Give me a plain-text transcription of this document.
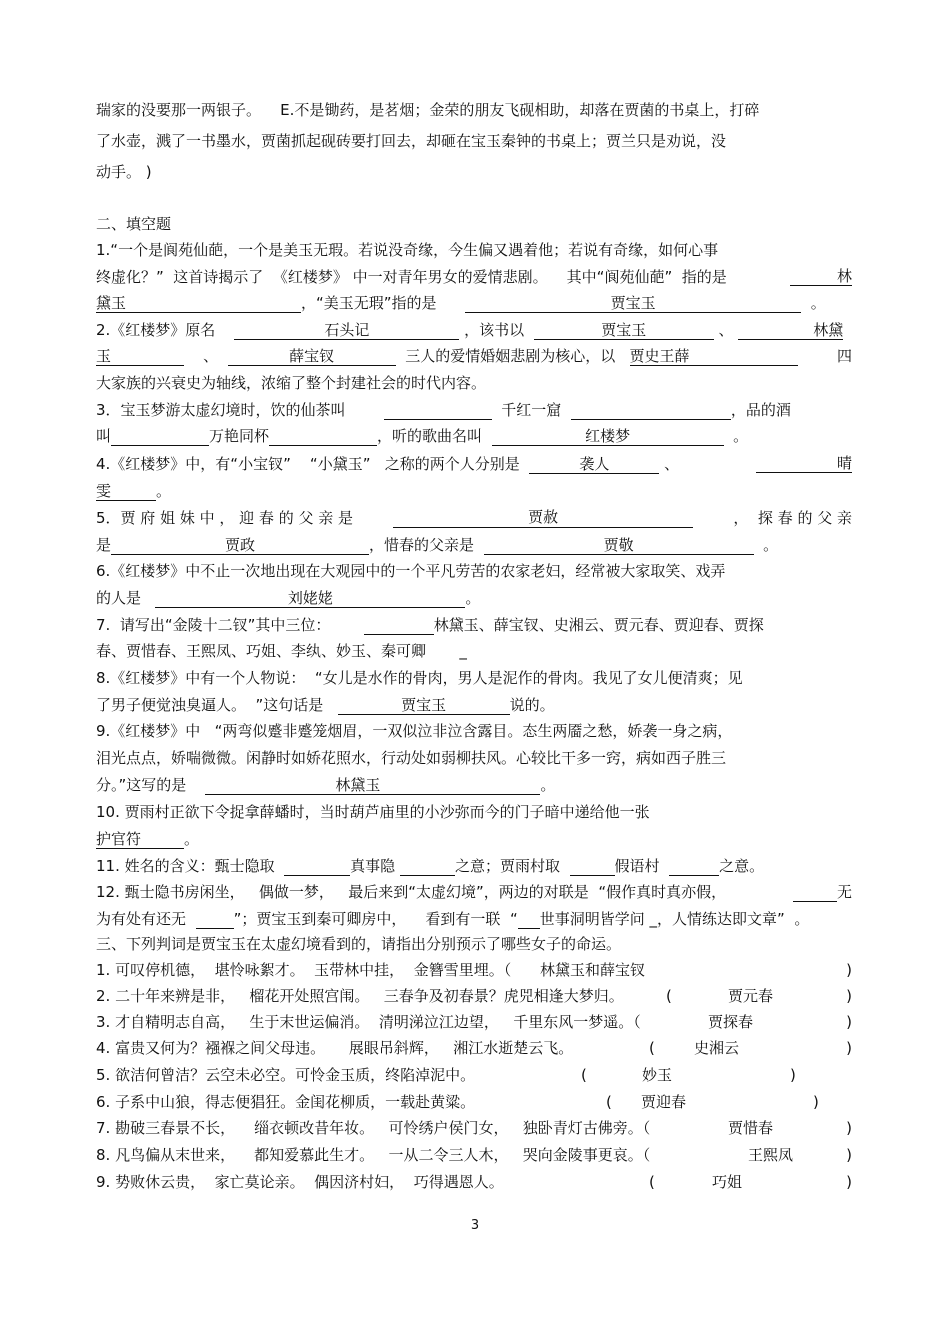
瑞家的没要那一两银子。 E.不是锄药，是茗烟；金荣的朋友飞砚相助，却落在贾菌的书桌上，打碎
了水壶，溅了一书墨水，贾菌抓起砚砖要打回去，却砸在宝玉秦钟的书桌上；贾兰只是劝说，没
动手。 )
二、填空题
1.“一个是阆苑仙葩，一个是美玉无瑕。若说没奇缘，今生偏又遇着他；若说有奇缘，如何心事
终虚化？”  这首诗揭示了  《红楼梦》 中一对青年男女的爱情悲剧。    其中“阆苑仙葩”  指的是	林
黛玉	，“美玉无瑕”指的是	贾宝玉	。
2.《红楼梦》原名	石头记	，该书以	贾宝玉	、	林黛
玉	、	薛宝钗	三人的爱情婚姻悲剧为核心，以 贾史王薛	四
大家族的兴衰史为轴线，浓缩了整个封建社会的时代内容。
3．宝玉梦游太虚幻境时，饮的仙茶叫	千红一窟	，品的酒
叫	万艳同杯	，听的歌曲名叫	红楼梦	。
4.《红楼梦》中，有“小宝钗”    “小黛玉”   之称的两个人分别是	袭人	、	晴
雯	。
5．贾 府 姐 妹 中 ， 迎 春 的 父 亲 是	贾赦	，  探 春 的 父 亲
是	贾政	，惜春的父亲是	贾敬	。
6.《红楼梦》中不止一次地出现在大观园中的一个平凡劳苦的农家老妇，经常被大家取笑、戏弄
的人是	刘姥姥	。
7.  请写出“金陵十二钗”其中三位：	林黛玉、薛宝钗、史湘云、贾元春、贾迎春、贾探
春、贾惜春、王熙凤、巧姐、李纨、妙玉、秦可卿 _
8.《红楼梦》中有一个人物说：  “女儿是水作的骨肉，男人是泥作的骨肉。我见了女儿便清爽；见
了男子便觉浊臭逼人。  ”这句话是	贾宝玉	说的。
9.《红楼梦》中   “两弯似蹙非蹙笼烟眉，一双似泣非泣含露目。态生两靥之愁，娇袭一身之病，
泪光点点，娇喘微微。闲静时如娇花照水，行动处如弱柳扶风。心较比干多一窍，病如西子胜三
分。”这写的是	林黛玉	。
10. 贾雨村正欲下令捉拿薛蟠时，当时葫芦庙里的小沙弥而今的门子暗中递给他一张
护官符	。
11. 姓名的含义：甄士隐取	真事隐	之意；贾雨村取	假语村	之意。
12. 甄士隐书房闲坐，   偶做一梦，   最后来到“太虚幻境”，两边的对联是  “假作真时真亦假，	无
为有处有还无	”；贾宝玉到秦可卿房中，    看到有一联  “ 世事洞明皆学问 _，人情练达即文章”  。
三、下列判词是贾宝玉在太虚幻境看到的，请指出分别预示了哪些女子的命运。
1. 可叹停机德，  堪怜咏絮才。  玉带林中挂，  金簪雪里埋。（ 林黛玉和薛宝钗	)
2. 二十年来辨是非，   榴花开处照宫闱。   三春争及初春景？虎兕相逢大梦归。	(	贾元春	)
3. 才自精明志自高，   生于末世运偏消。  清明涕泣江边望，   千里东风一梦遥。（	贾探春	)
4. 富贵又何为？襁褓之间父母违。     展眼吊斜辉，   湘江水逝楚云飞。	(	史湘云	)
5. 欲洁何曾洁？云空未必空。可怜金玉质，终陷淖泥中。	(	妙玉	)
6. 子系中山狼，得志便猖狂。金闺花柳质，一载赴黄粱。	( 贾迎春	)
7. 勘破三春景不长，    缁衣顿改昔年妆。   可怜绣户侯门女，   独卧青灯古佛旁。（	贾惜春	)
8. 凡鸟偏从末世来，    都知爱慕此生才。   一从二令三人木，   哭向金陵事更哀。（	王熙凤	)
9. 势败休云贵，  家亡莫论亲。  偶因济村妇，  巧得遇恩人。	(	巧姐	)
3
